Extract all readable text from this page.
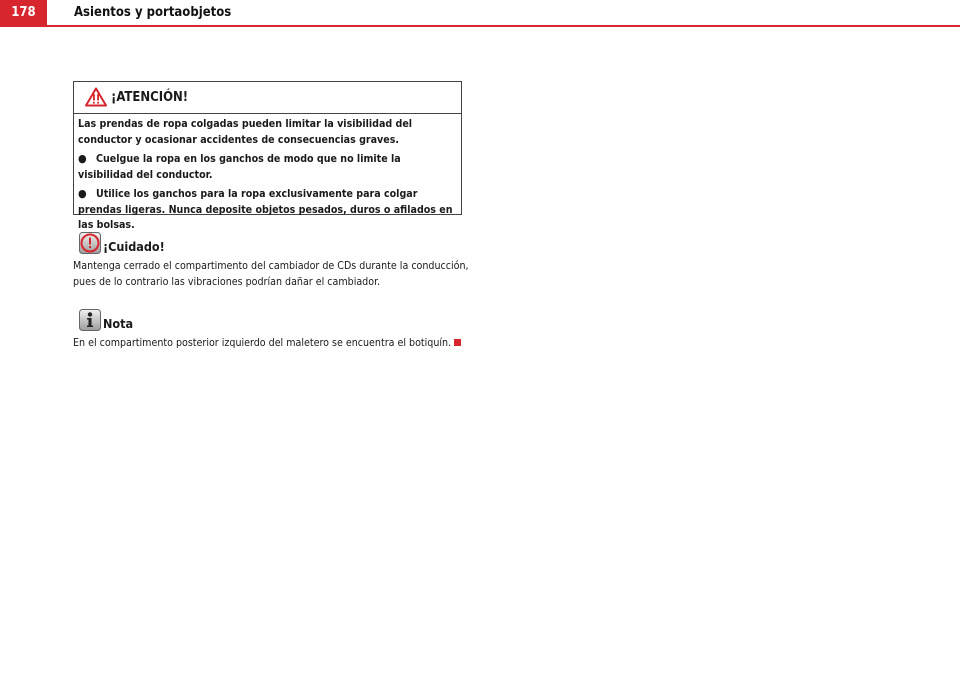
178	Asientos y portaobjetos
¡ATENCIÓN!

Las prendas de ropa colgadas pueden limitar la visibilidad del conductor y ocasionar accidentes de consecuencias graves.

● Cuelgue la ropa en los ganchos de modo que no limite la visibilidad del conductor.

● Utilice los ganchos para la ropa exclusivamente para colgar prendas ligeras. Nunca deposite objetos pesados, duros o afilados en las bolsas.

¡Cuidado!

Mantenga cerrado el compartimento del cambiador de CDs durante la conducción, pues de lo contrario las vibraciones podrían dañar el cambiador.

Nota

En el compartimento posterior izquierdo del maletero se encuentra el botiquín.
